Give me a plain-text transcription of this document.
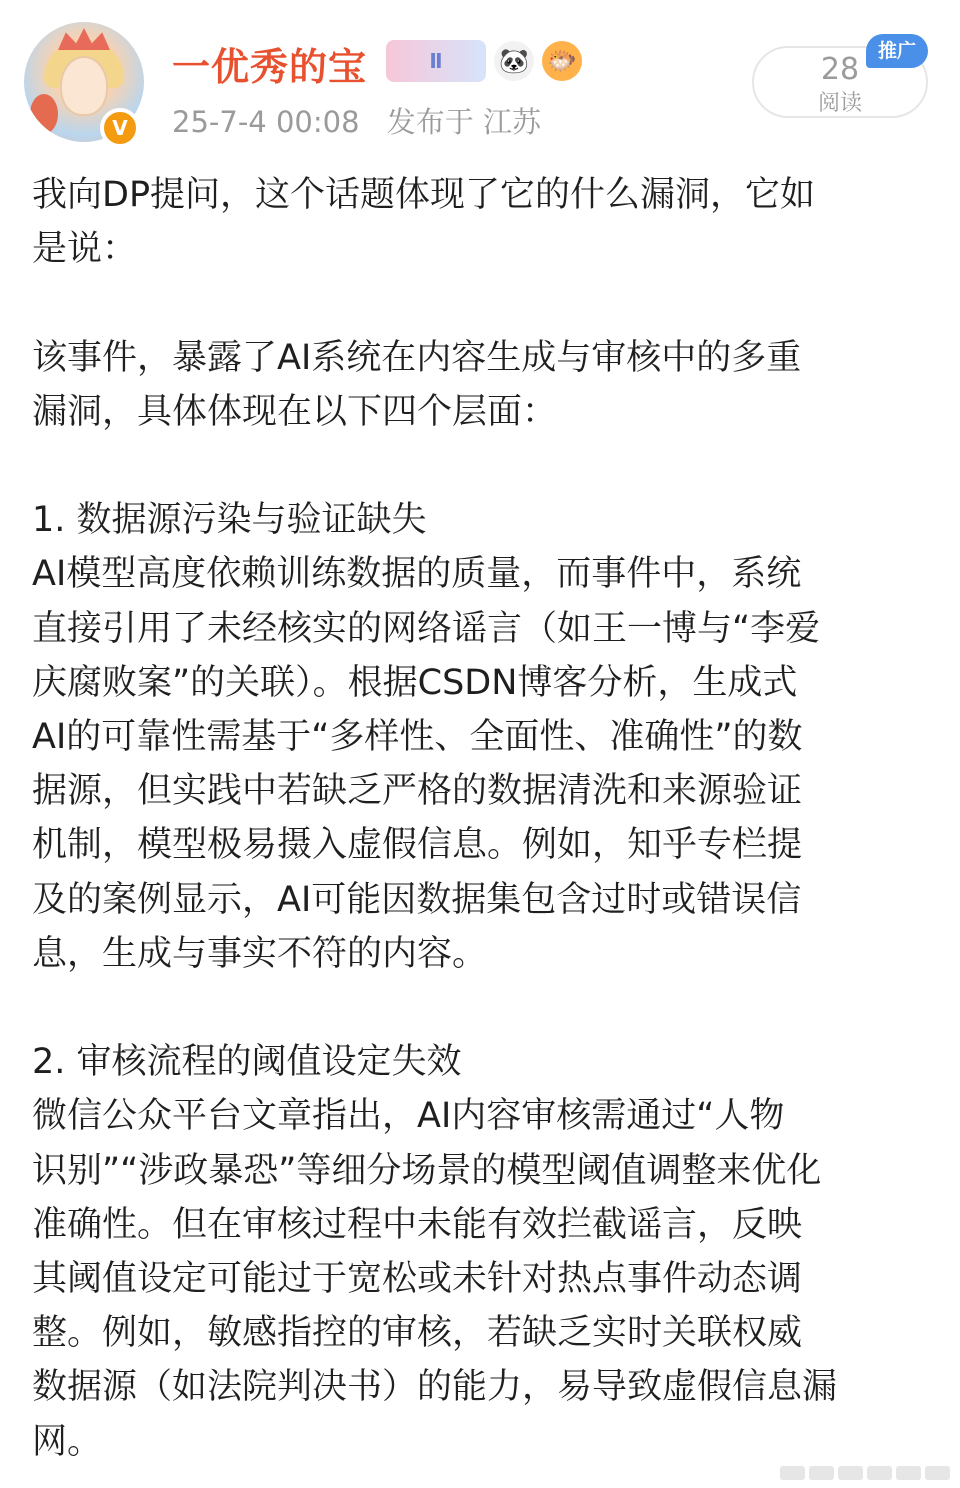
V
一优秀的宝	Ⅱ 🐼 🐡
25-7-4 00:08 发布于 江苏
28
阅读
推广

我向DP提问，这个话题体现了它的什么漏洞，它如

是说：

该事件，暴露了AI系统在内容生成与审核中的多重

漏洞，具体体现在以下四个层面：

1. 数据源污染与验证缺失

AI模型高度依赖训练数据的质量，而事件中，系统

直接引用了未经核实的网络谣言（如王一博与“李爱

庆腐败案”的关联）。根据CSDN博客分析，生成式

AI的可靠性需基于“多样性、全面性、准确性”的数

据源，但实践中若缺乏严格的数据清洗和来源验证

机制，模型极易摄入虚假信息。例如，知乎专栏提

及的案例显示，AI可能因数据集包含过时或错误信

息，生成与事实不符的内容。

2. 审核流程的阈值设定失效

微信公众平台文章指出，AI内容审核需通过“人物

识别”“涉政暴恐”等细分场景的模型阈值调整来优化

准确性。但在审核过程中未能有效拦截谣言，反映

其阈值设定可能过于宽松或未针对热点事件动态调

整。例如，敏感指控的审核，若缺乏实时关联权威

数据源（如法院判决书）的能力，易导致虚假信息漏

网。
